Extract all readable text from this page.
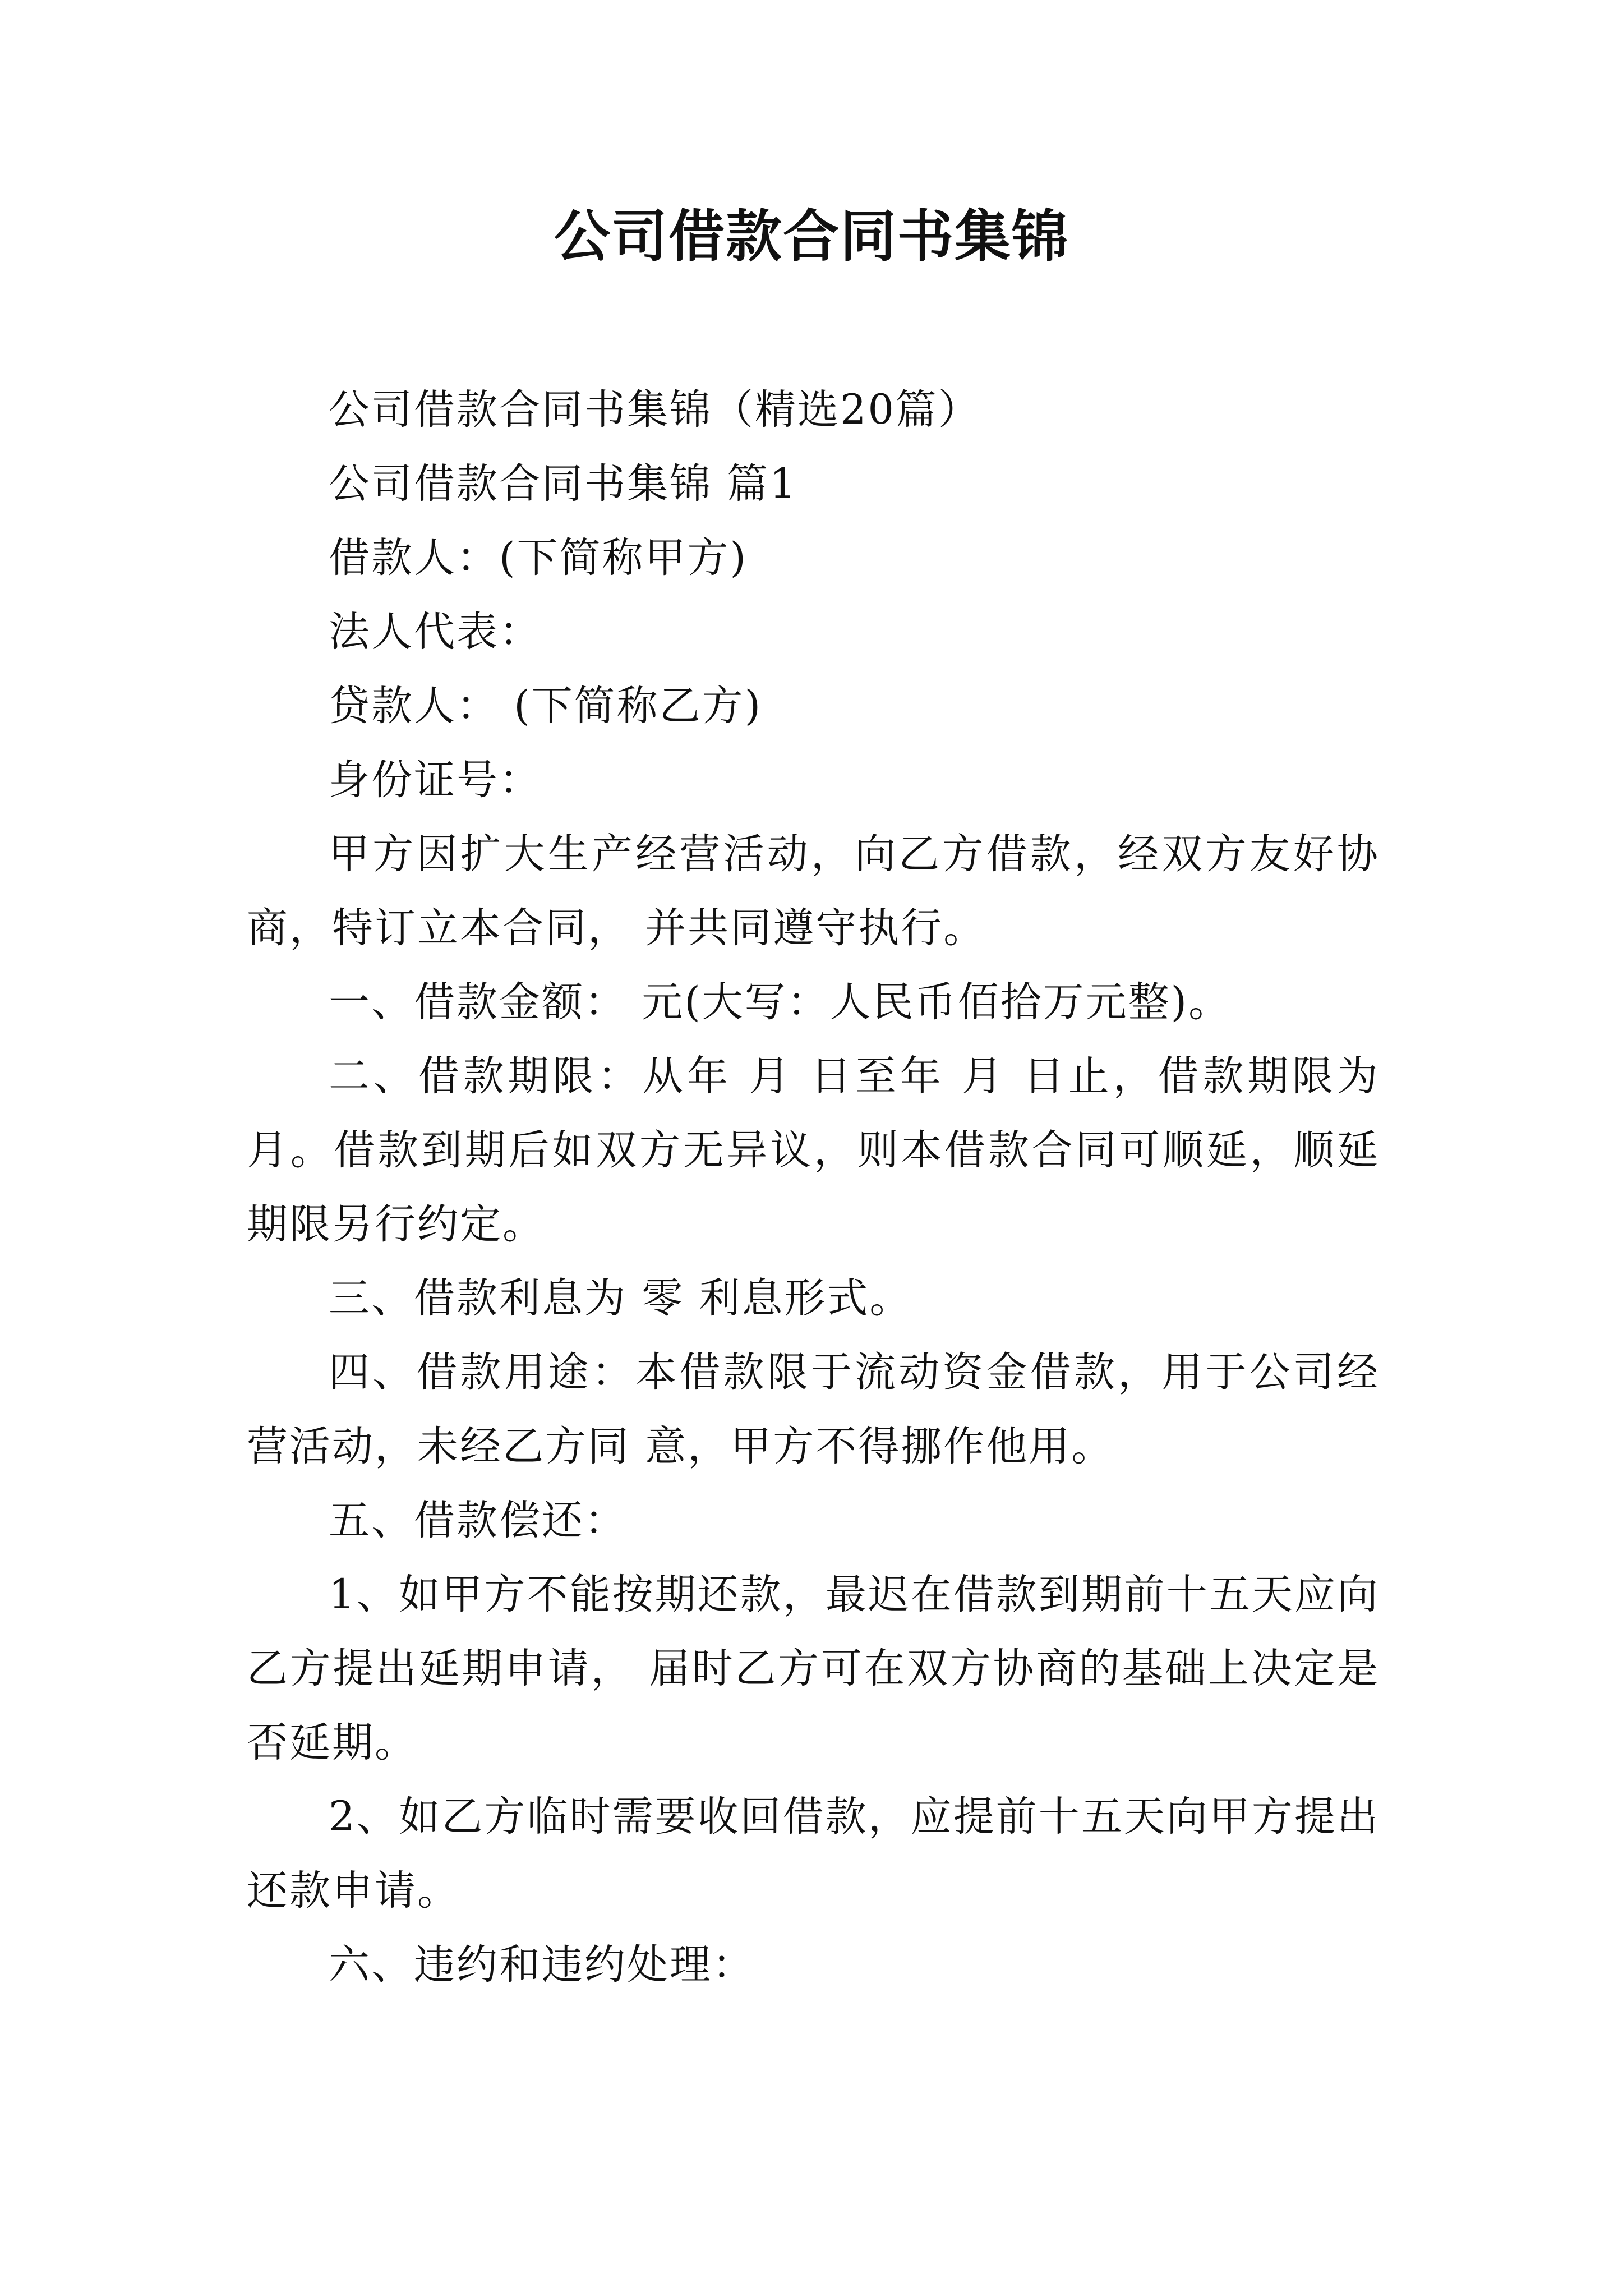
公司借款合同书集锦

公司借款合同书集锦（精选20篇）

公司借款合同书集锦 篇1

借款人：(下简称甲方)

法人代表：

贷款人： (下简称乙方)

身份证号：

甲方因扩大生产经营活动，向乙方借款，经双方友好协商，特订立本合同， 并共同遵守执行。

一、借款金额： 元(大写：人民币佰拾万元整)。

二、借款期限：从年 月 日至年 月 日止，借款期限为月。借款到期后如双方无异议，则本借款合同可顺延，顺延期限另行约定。

三、借款利息为 零 利息形式。

四、借款用途：本借款限于流动资金借款，用于公司经营活动，未经乙方同 意，甲方不得挪作他用。

五、借款偿还：

1、如甲方不能按期还款，最迟在借款到期前十五天应向乙方提出延期申请， 届时乙方可在双方协商的基础上决定是否延期。

2、如乙方临时需要收回借款，应提前十五天向甲方提出还款申请。

六、违约和违约处理：
